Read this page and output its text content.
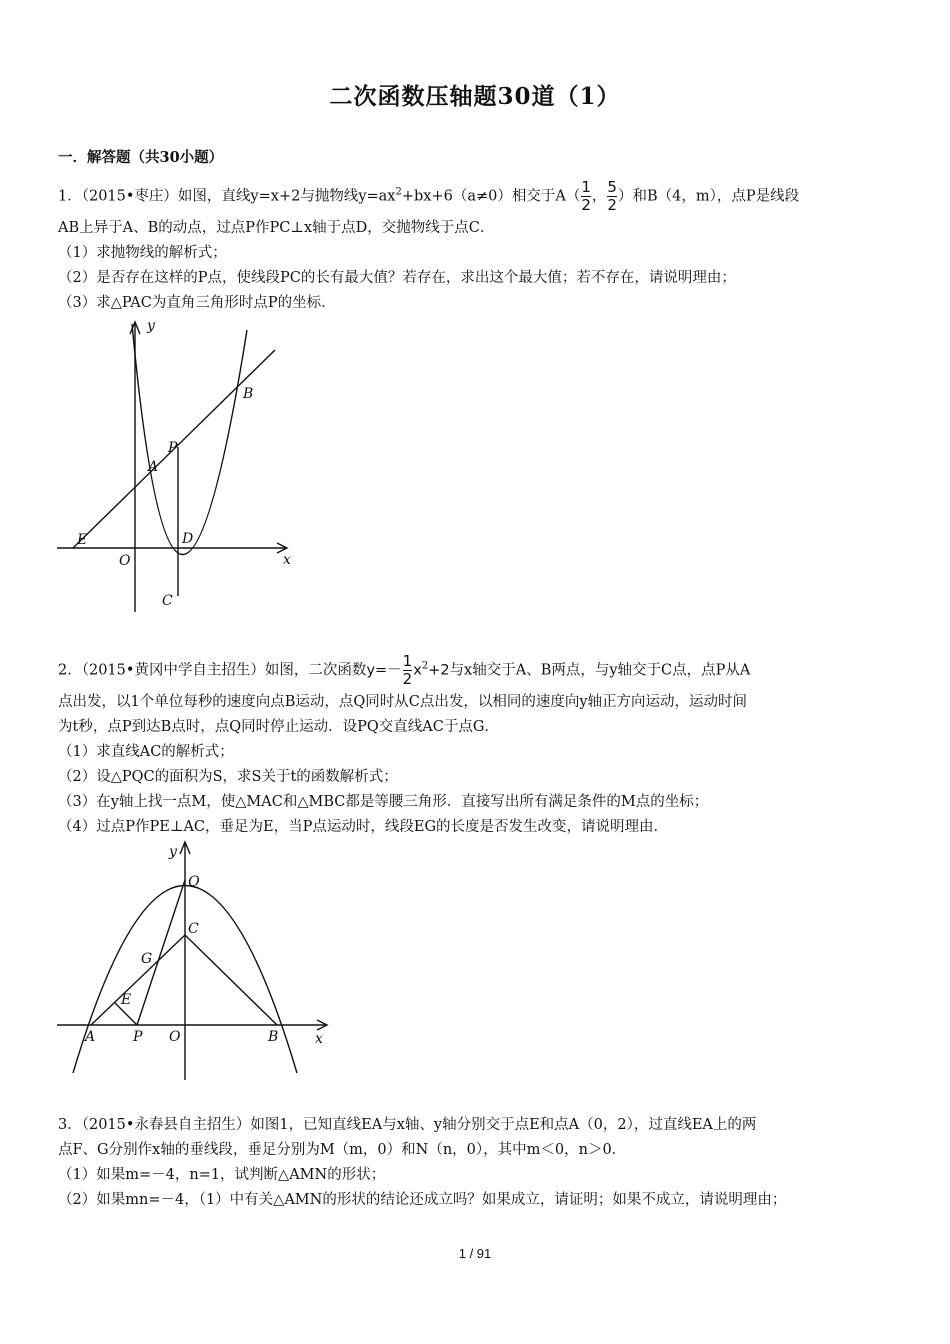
二次函数压轴题30道（1）
一．解答题（共30小题）
1．（2015•枣庄）如图，直线y=x+2与抛物线$y=ax^2+bx+6(a\ne 0)$相交于$A( \frac{1}{2}$ ， $\frac{5}{2}$ ）和B（4，m），点P是线段
AB上异于A、B的动点，过点P作PC⊥x轴于点D，交抛物线于点C．
（1）求抛物线的解析式；
（2）是否存在这样的P点，使线段PC的长有最大值？若存在，求出这个最大值；若不存在，请说明理由；
（3）求△PAC为直角三角形时点P的坐标．
y
x
B
P
A
E
O
D
C
2．（2015•黄冈中学自主招生）如图，二次函数$y=- \frac{1}{2} x^2+2$与x轴交于A、B两点，与y轴交于C点，点P从A
点出发，以1个单位每秒的速度向点B运动，点Q同时从C点出发，以相同的速度向y轴正方向运动，运动时间
为t秒，点P到达B点时，点Q同时停止运动．设PQ交直线AC于点G．
（1）求直线AC的解析式；
（2）设△PQC的面积为S，求S关于t的函数解析式；
（3）在y轴上找一点M，使△MAC和△MBC都是等腰三角形．直接写出所有满足条件的M点的坐标；
（4）过点P作PE⊥AC，垂足为E，当P点运动时，线段EG的长度是否发生改变，请说明理由．
y
x
Q
C
G
E
A	P O	B
3．（2015•永春县自主招生）如图1，已知直线EA与x轴、y轴分别交于点E和点A（0，2），过直线EA上的两
点F、G分别作x轴的垂线段，垂足分别为M（m，0）和N（n，0），其中m＜0，n＞0．
（1）如果m=－4，n=1，试判断△AMN的形状；
（2）如果mn=－4，（1）中有关△AMN的形状的结论还成立吗？如果成立，请证明；如果不成立，请说明理由；
1 / 91
